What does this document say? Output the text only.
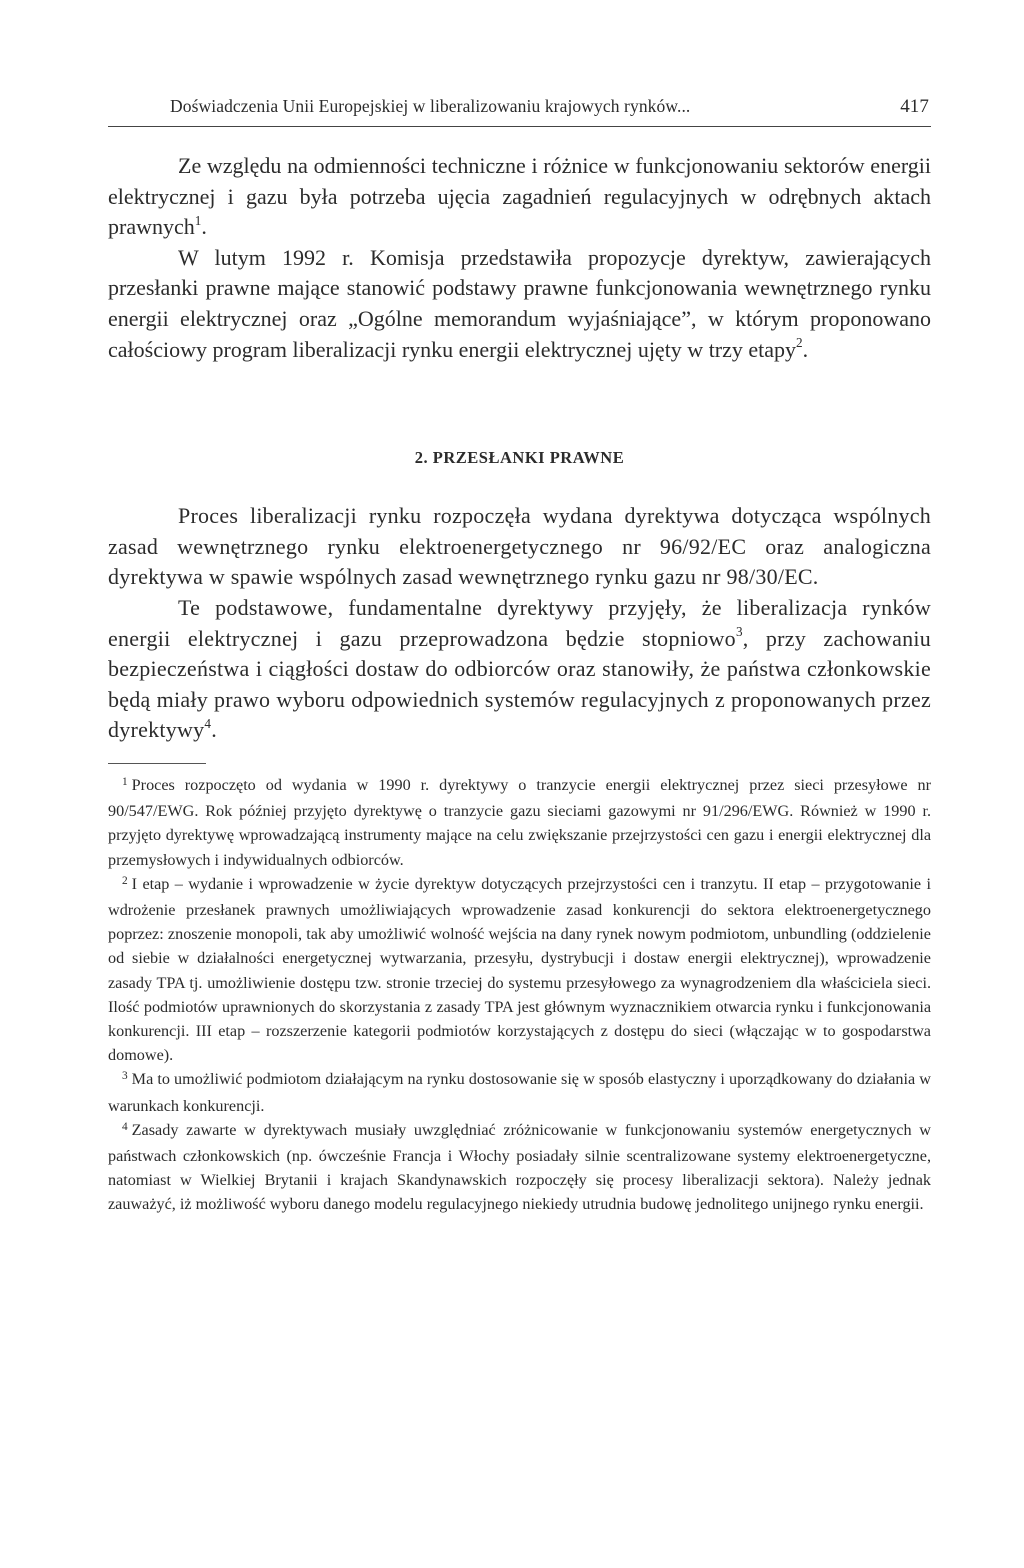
Doświadczenia Unii Europejskiej w liberalizowaniu krajowych rynków...	417

Ze względu na odmienności techniczne i różnice w funkcjonowaniu sektorów energii elektrycznej i gazu była potrzeba ujęcia zagadnień regulacyjnych w odrębnych aktach prawnych$^1$.

W lutym 1992 r. Komisja przedstawiła propozycje dyrektyw, zawierających przesłanki prawne mające stanowić podstawy prawne funkcjonowania wewnętrznego rynku energii elektrycznej oraz „Ogólne memorandum wyjaśniające”, w którym proponowano całościowy program liberalizacji rynku energii elektrycznej ujęty w trzy etapy$^2$.

2. PRZESŁANKI PRAWNE

Proces liberalizacji rynku rozpoczęła wydana dyrektywa dotycząca wspólnych zasad wewnętrznego rynku elektroenergetycznego nr 96/92/EC oraz analogiczna dyrektywa w spawie wspólnych zasad wewnętrznego rynku gazu nr 98/30/EC.

Te podstawowe, fundamentalne dyrektywy przyjęły, że liberalizacja rynków energii elektrycznej i gazu przeprowadzona będzie stopniowo$^3$, przy zachowaniu bezpieczeństwa i ciągłości dostaw do odbiorców oraz stanowiły, że państwa członkowskie będą miały prawo wyboru odpowiednich systemów regulacyjnych z proponowanych przez dyrektywy$^4$.

$^1$ Proces rozpoczęto od wydania w 1990 r. dyrektywy o tranzycie energii elektrycznej przez sieci przesyłowe nr 90/547/EWG. Rok później przyjęto dyrektywę o tranzycie gazu sieciami gazowymi nr 91/296/EWG. Również w 1990 r. przyjęto dyrektywę wprowadzającą instrumenty mające na celu zwiększanie przejrzystości cen gazu i energii elektrycznej dla przemysłowych i indywidualnych odbiorców.

$^2$ I etap – wydanie i wprowadzenie w życie dyrektyw dotyczących przejrzystości cen i tranzytu. II etap – przygotowanie i wdrożenie przesłanek prawnych umożliwiających wprowadzenie zasad konkurencji do sektora elektroenergetycznego poprzez: znoszenie monopoli, tak aby umożliwić wolność wejścia na dany rynek nowym podmiotom, unbundling (oddzielenie od siebie w działalności energetycznej wytwarzania, przesyłu, dystrybucji i dostaw energii elektrycznej), wprowadzenie zasady TPA tj. umożliwienie dostępu tzw. stronie trzeciej do systemu przesyłowego za wynagrodzeniem dla właściciela sieci. Ilość podmiotów uprawnionych do skorzystania z zasady TPA jest głównym wyznacznikiem otwarcia rynku i funkcjonowania konkurencji. III etap – rozszerzenie kategorii podmiotów korzystających z dostępu do sieci (włączając w to gospodarstwa domowe).

$^3$ Ma to umożliwić podmiotom działającym na rynku dostosowanie się w sposób elastyczny i uporządkowany do działania w warunkach konkurencji.

$^4$ Zasady zawarte w dyrektywach musiały uwzględniać zróżnicowanie w funkcjonowaniu systemów energetycznych w państwach członkowskich (np. ówcześnie Francja i Włochy posiadały silnie scentralizowane systemy elektroenergetyczne, natomiast w Wielkiej Brytanii i krajach Skandynawskich rozpoczęły się procesy liberalizacji sektora). Należy jednak zauważyć, iż możliwość wyboru danego modelu regulacyjnego niekiedy utrudnia budowę jednolitego unijnego rynku energii.
